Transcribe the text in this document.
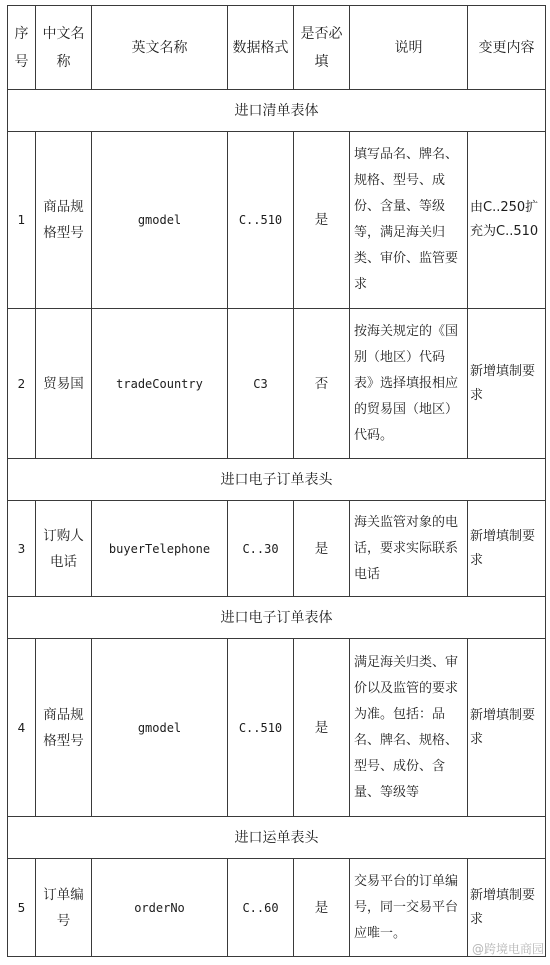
序号	中文名称	英文名称	数据格式	是否必填	说明	变更内容
进口清单表体						
1	商品规格型号	gmodel	C..510	是	填写品名、牌名、规格、型号、成份、含量、等级等，满足海关归类、审价、监管要求	由C..250扩充为C..510
2	贸易国	tradeCountry	C3	否	按海关规定的《国别（地区）代码表》选择填报相应的贸易国（地区）代码。	新增填制要求
进口电子订单表头						
3	订购人电话	buyerTelephone	C..30	是	海关监管对象的电话，要求实际联系电话	新增填制要求
进口电子订单表体						
4	商品规格型号	gmodel	C..510	是	满足海关归类、审价以及监管的要求为准。包括：品名、牌名、规格、型号、成份、含量、等级等	新增填制要求
进口运单表头						
5	订单编号	orderNo	C..60	是	交易平台的订单编号，同一交易平台应唯一。	新增填制要求
@跨境电商园
